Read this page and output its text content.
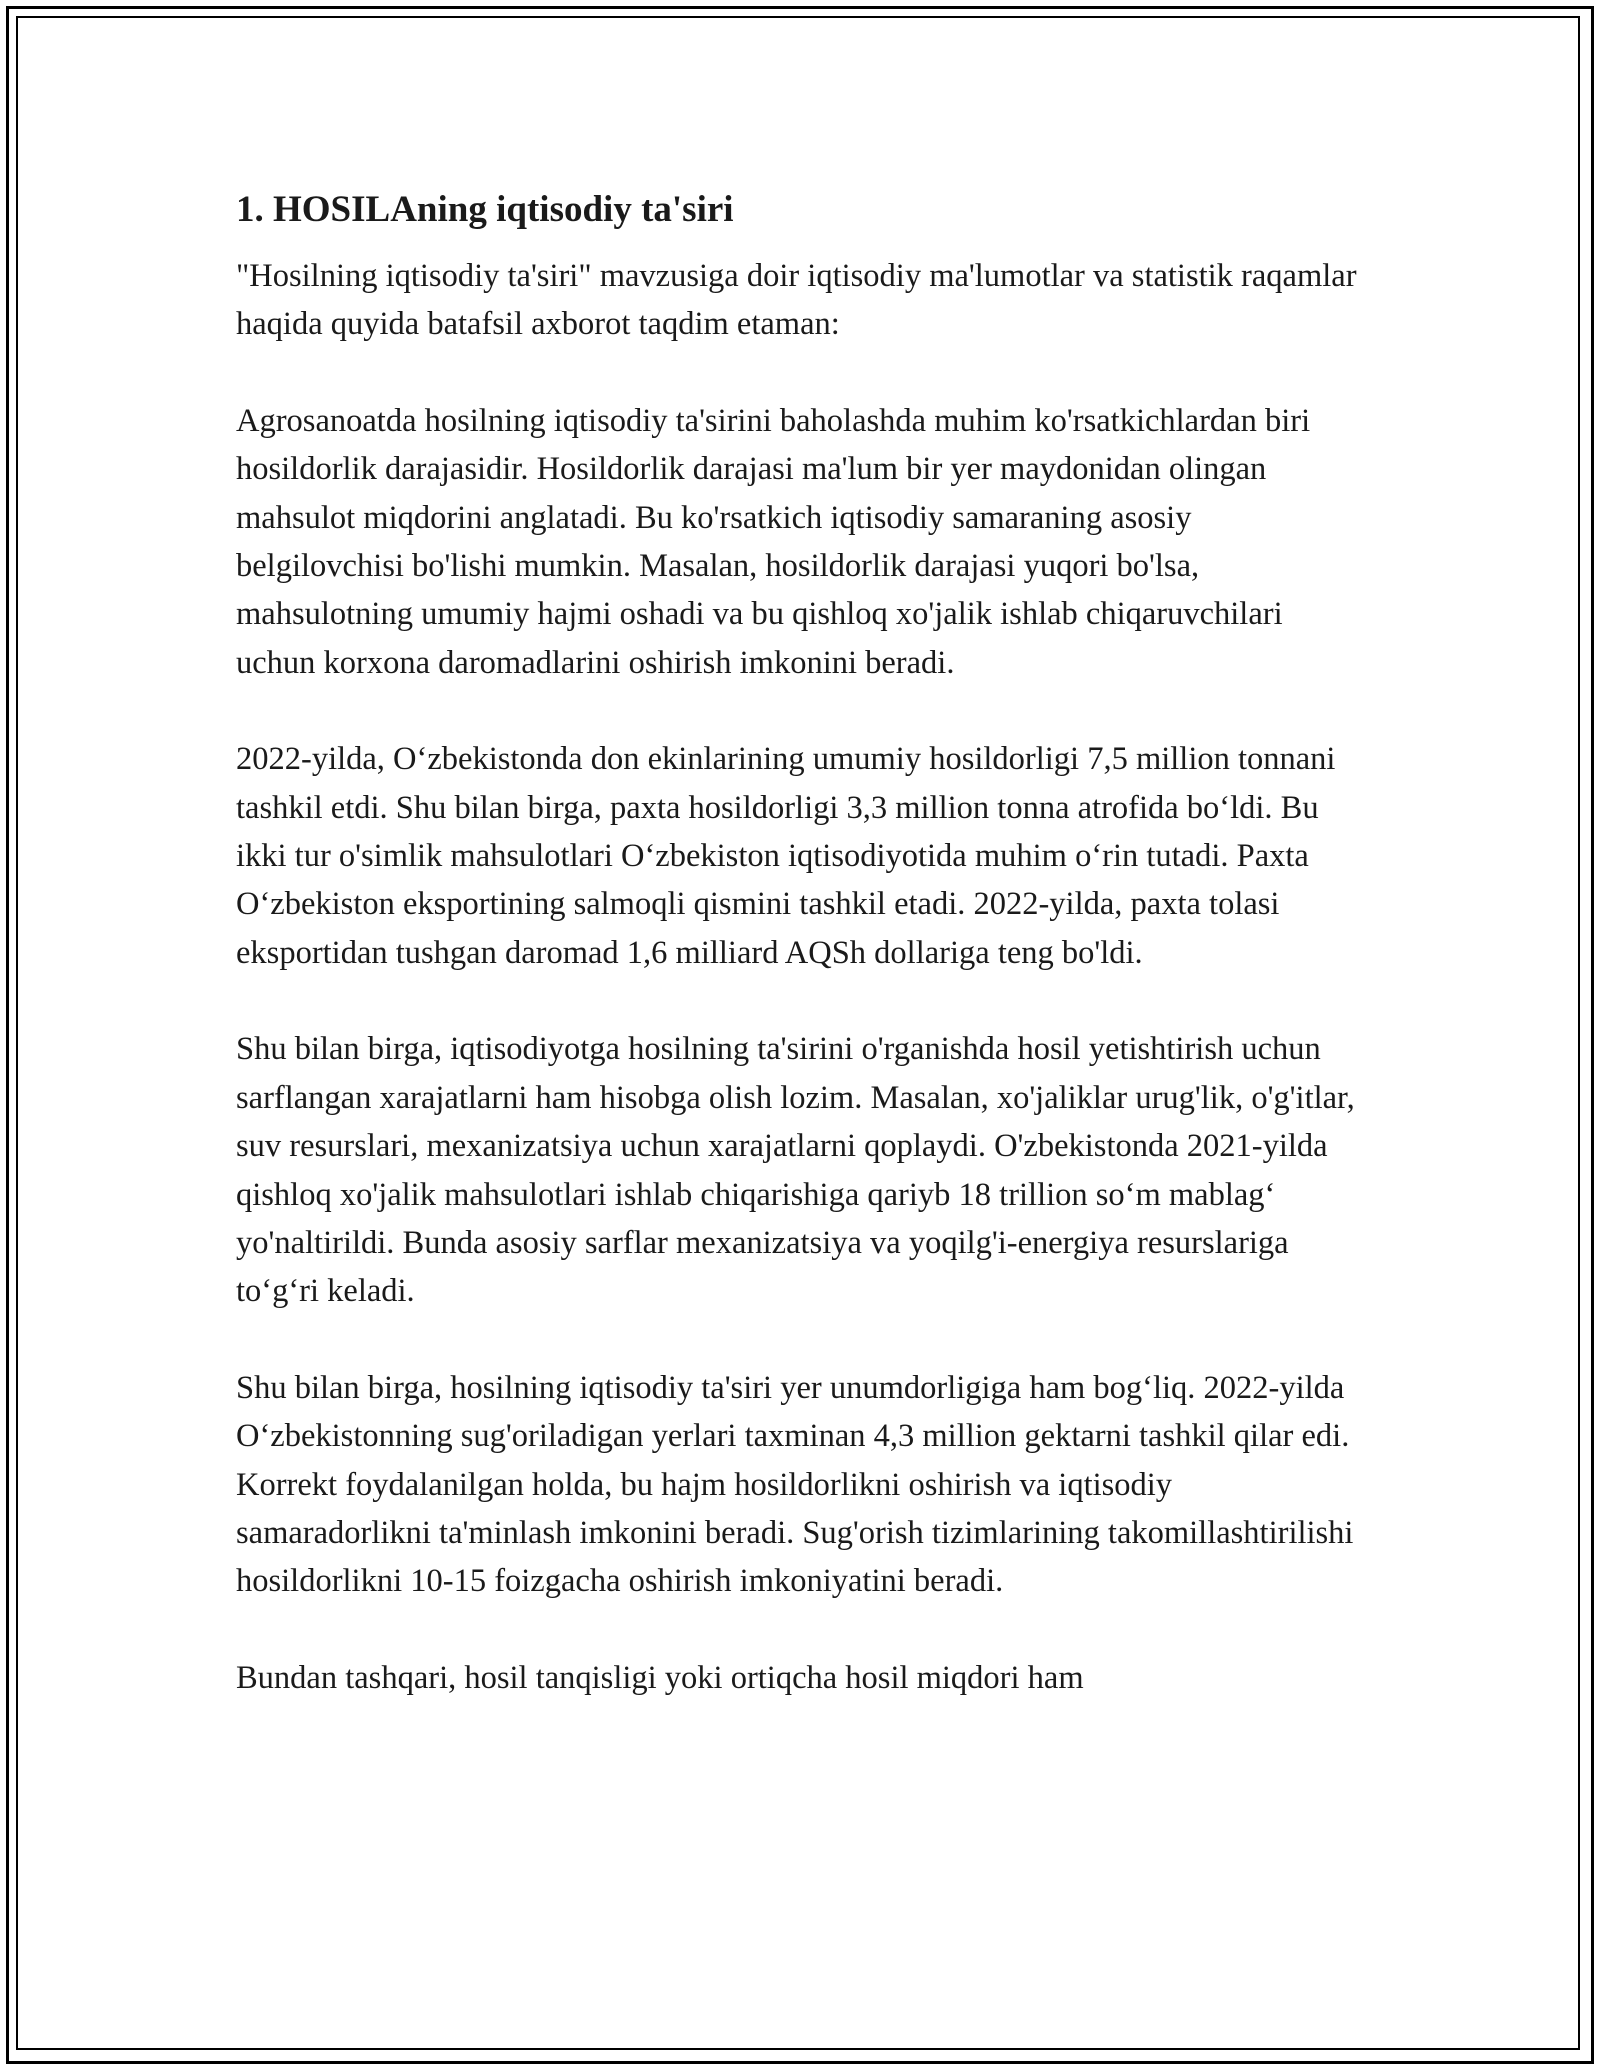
1. HOSILAning iqtisodiy ta'siri

"Hosilning iqtisodiy ta'siri" mavzusiga doir iqtisodiy ma'lumotlar va statistik raqamlar haqida quyida batafsil axborot taqdim etaman:

Agrosanoatda hosilning iqtisodiy ta'sirini baholashda muhim ko'rsatkichlardan biri hosildorlik darajasidir. Hosildorlik darajasi ma'lum bir yer maydonidan olingan mahsulot miqdorini anglatadi. Bu ko'rsatkich iqtisodiy samaraning asosiy belgilovchisi bo'lishi mumkin. Masalan, hosildorlik darajasi yuqori bo'lsa, mahsulotning umumiy hajmi oshadi va bu qishloq xo'jalik ishlab chiqaruvchilari uchun korxona daromadlarini oshirish imkonini beradi.

2022-yilda, O‘zbekistonda don ekinlarining umumiy hosildorligi 7,5 million tonnani tashkil etdi. Shu bilan birga, paxta hosildorligi 3,3 million tonna atrofida bo‘ldi. Bu ikki tur o'simlik mahsulotlari O‘zbekiston iqtisodiyotida muhim o‘rin tutadi. Paxta O‘zbekiston eksportining salmoqli qismini tashkil etadi. 2022-yilda, paxta tolasi eksportidan tushgan daromad 1,6 milliard AQSh dollariga teng bo'ldi.

Shu bilan birga, iqtisodiyotga hosilning ta'sirini o'rganishda hosil yetishtirish uchun sarflangan xarajatlarni ham hisobga olish lozim. Masalan, xo'jaliklar urug'lik, o'g'itlar, suv resurslari, mexanizatsiya uchun xarajatlarni qoplaydi. O'zbekistonda 2021-yilda qishloq xo'jalik mahsulotlari ishlab chiqarishiga qariyb 18 trillion so‘m mablag‘ yo'naltirildi. Bunda asosiy sarflar mexanizatsiya va yoqilg'i-energiya resurslariga to‘g‘ri keladi.

Shu bilan birga, hosilning iqtisodiy ta'siri yer unumdorligiga ham bog‘liq. 2022-yilda O‘zbekistonning sug'oriladigan yerlari taxminan 4,3 million gektarni tashkil qilar edi. Korrekt foydalanilgan holda, bu hajm hosildorlikni oshirish va iqtisodiy samaradorlikni ta'minlash imkonini beradi. Sug'orish tizimlarining takomillashtirilishi hosildorlikni 10-15 foizgacha oshirish imkoniyatini beradi.

Bundan tashqari, hosil tanqisligi yoki ortiqcha hosil miqdori ham
